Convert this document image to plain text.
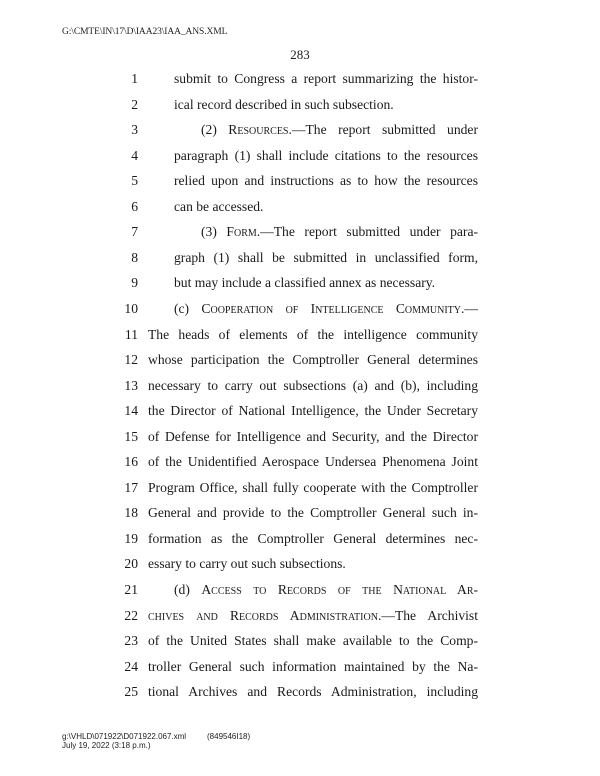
G:\CMTE\IN\17\D\IAA23\IAA_ANS.XML
283
1	submit to Congress a report summarizing the histor-
2	ical record described in such subsection.
3	(2) Resources.—The report submitted under
4	paragraph (1) shall include citations to the resources
5	relied upon and instructions as to how the resources
6	can be accessed.
7	(3) Form.—The report submitted under para-
8	graph (1) shall be submitted in unclassified form,
9	but may include a classified annex as necessary.
10	(c) Cooperation of Intelligence Community.—
11 The heads of elements of the intelligence community
12 whose participation the Comptroller General determines
13 necessary to carry out subsections (a) and (b), including
14 the Director of National Intelligence, the Under Secretary
15 of Defense for Intelligence and Security, and the Director
16 of the Unidentified Aerospace Undersea Phenomena Joint
17 Program Office, shall fully cooperate with the Comptroller
18 General and provide to the Comptroller General such in-
19 formation as the Comptroller General determines nec-
20 essary to carry out such subsections.
21	(d) Access to Records of the National Ar-
22 chives and Records Administration.—The Archivist
23 of the United States shall make available to the Comp-
24 troller General such information maintained by the Na-
25 tional Archives and Records Administration, including
g:\VHLD\071922\D071922.067.xml
July 19, 2022 (3:18 p.m.)
(849546I18)
